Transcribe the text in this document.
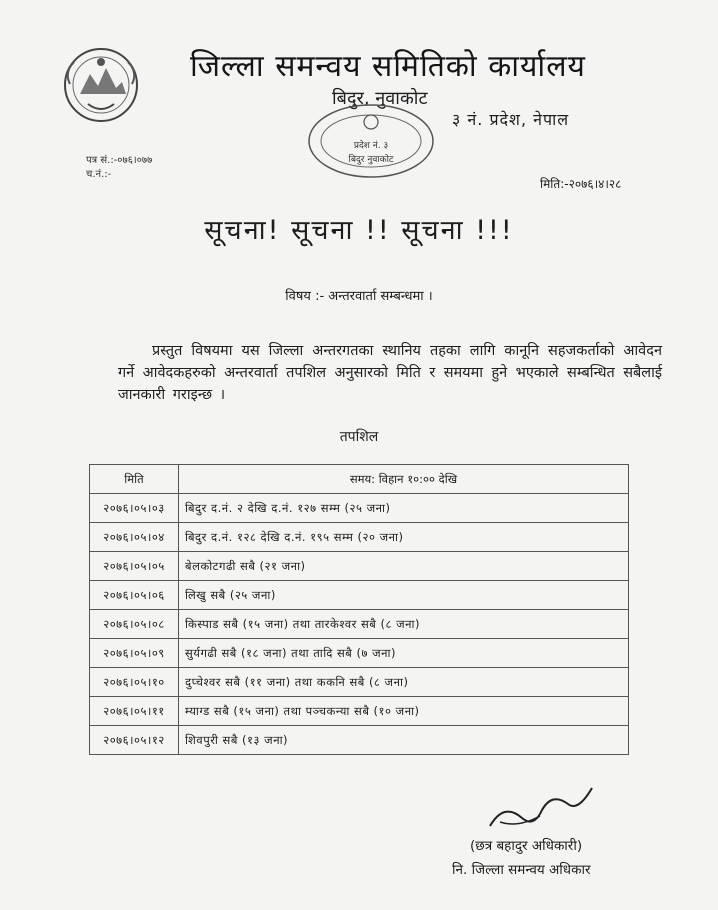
जिल्ला समन्वय समितिको कार्यालय
बिदुर, नुवाकोट
३ नं. प्रदेश, नेपाल
प्रदेश नं. ३
बिदुर नुवाकोट
पत्र सं.:-०७६।०७७
च.नं.:-
मिति:-२०७६।४।२८
सूचना! सूचना !! सूचना !!!
विषय :- अन्तरवार्ता सम्बन्धमा ।
प्रस्तुत विषयमा यस जिल्ला अन्तरगतका स्थानिय तहका लागि कानूनि सहजकर्ताको आवेदन गर्ने आवेदकहरुको अन्तरवार्ता तपशिल अनुसारको मिति र समयमा हुने भएकाले सम्बन्धित सबैलाई जानकारी गराइन्छ ।
तपशिल
मिति	समय: विहान १०:०० देखि
२०७६।०५।०३	बिदुर द.नं. २ देखि द.नं. १२७ सम्म (२५ जना)
२०७६।०५।०४	बिदुर द.नं. १२८ देखि द.नं. १९५ सम्म (२० जना)
२०७६।०५।०५	बेलकोटगढी सबै (२१ जना)
२०७६।०५।०६	लिखु सबै (२५ जना)
२०७६।०५।०८	किस्पाड सबै (१५ जना) तथा तारकेश्वर सबै (८ जना)
२०७६।०५।०९	सुर्यगढी सबै (१८ जना) तथा तादि सबै (७ जना)
२०७६।०५।१०	दुप्चेश्वर सबै (११ जना) तथा ककनि सबै (८ जना)
२०७६।०५।११	म्याग्ड सबै (१५ जना) तथा पञ्चकन्या सबै (१० जना)
२०७६।०५।१२	शिवपुरी सबै (१३ जना)
(छत्र बहादुर अधिकारी)
नि. जिल्ला समन्वय अधिकार
